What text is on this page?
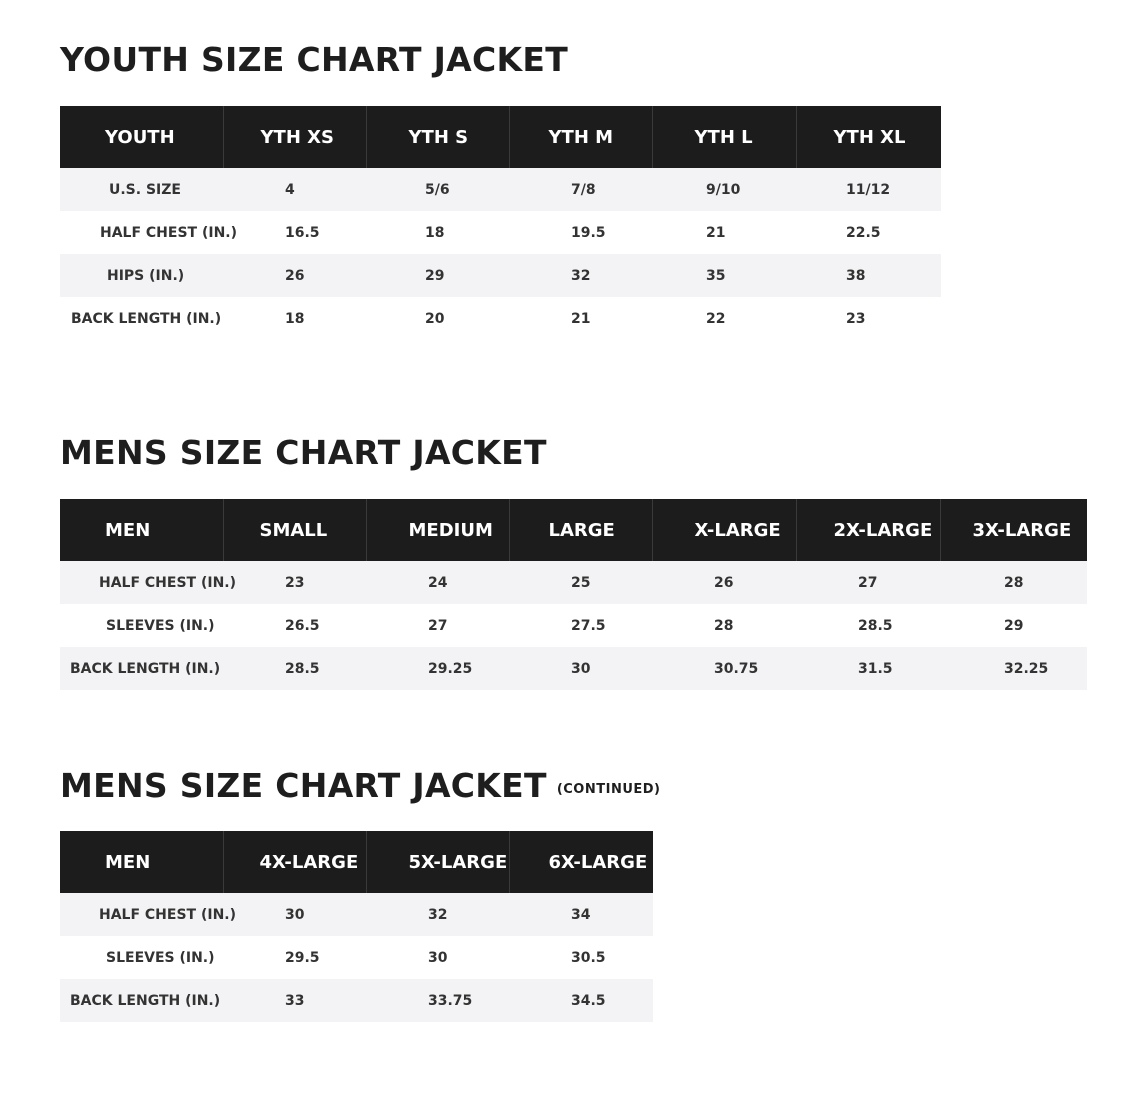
YOUTH SIZE CHART JACKET
YOUTH	YTH XS	YTH S	YTH M	YTH L	YTH XL
U.S. SIZE	4	5/6	7/8	9/10	11/12
HALF CHEST (IN.)	16.5	18	19.5	21	22.5
HIPS (IN.)	26	29	32	35	38
BACK LENGTH (IN.)	18	20	21	22	23
MENS SIZE CHART JACKET
MEN	SMALL	MEDIUM	LARGE	X-LARGE	2X-LARGE	3X-LARGE
HALF CHEST (IN.)	23	24	25	26	27	28
SLEEVES (IN.)	26.5	27	27.5	28	28.5	29
BACK LENGTH (IN.)	28.5	29.25	30	30.75	31.5	32.25
MENS SIZE CHART JACKET $^{(CONTINUED)}$
MEN	4X-LARGE	5X-LARGE	6X-LARGE
HALF CHEST (IN.)	30	32	34
SLEEVES (IN.)	29.5	30	30.5
BACK LENGTH (IN.)	33	33.75	34.5
